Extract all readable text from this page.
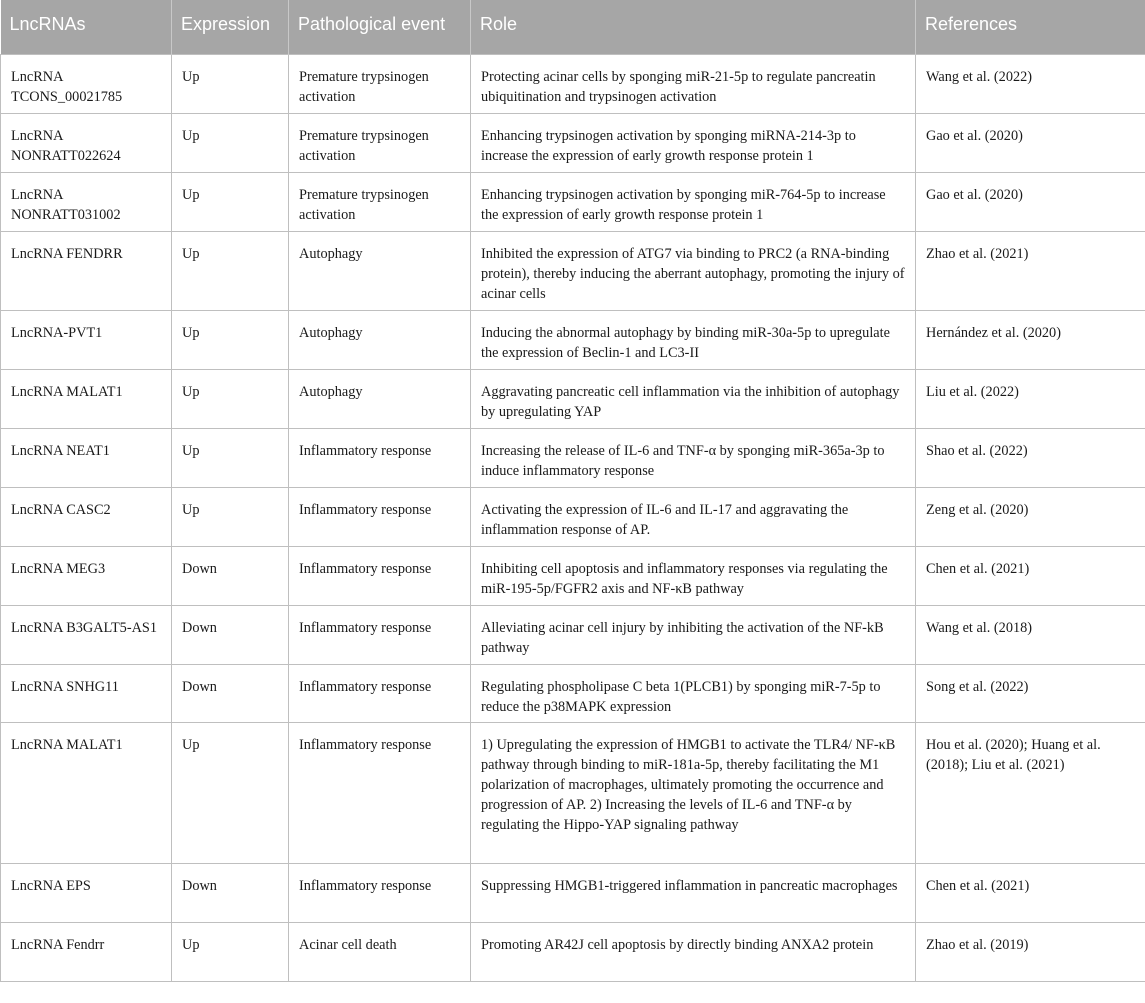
LncRNAs	Expression	Pathological event	Role	References
LncRNA TCONS_00021785	Up	Premature trypsinogen activation	Protecting acinar cells by sponging miR-21-5p to regulate pancreatin ubiquitination and trypsinogen activation	Wang et al. (2022)
LncRNA NONRATT022624	Up	Premature trypsinogen activation	Enhancing trypsinogen activation by sponging miRNA-214-3p to increase the expression of early growth response protein 1	Gao et al. (2020)
LncRNA NONRATT031002	Up	Premature trypsinogen activation	Enhancing trypsinogen activation by sponging miR-764-5p to increase the expression of early growth response protein 1	Gao et al. (2020)
LncRNA FENDRR	Up	Autophagy	Inhibited the expression of ATG7 via binding to PRC2 (a RNA-binding protein), thereby inducing the aberrant autophagy, promoting the injury of acinar cells	Zhao et al. (2021)
LncRNA-PVT1	Up	Autophagy	Inducing the abnormal autophagy by binding miR-30a-5p to upregulate the expression of Beclin-1 and LC3-II	Hernández et al. (2020)
LncRNA MALAT1	Up	Autophagy	Aggravating pancreatic cell inflammation via the inhibition of autophagy by upregulating YAP	Liu et al. (2022)
LncRNA NEAT1	Up	Inflammatory response	Increasing the release of IL-6 and TNF-α by sponging miR-365a-3p to induce inflammatory response	Shao et al. (2022)
LncRNA CASC2	Up	Inflammatory response	Activating the expression of IL-6 and IL-17 and aggravating the inflammation response of AP.	Zeng et al. (2020)
LncRNA MEG3	Down	Inflammatory response	Inhibiting cell apoptosis and inflammatory responses via regulating the miR-195-5p/FGFR2 axis and NF-κB pathway	Chen et al. (2021)
LncRNA B3GALT5-AS1	Down	Inflammatory response	Alleviating acinar cell injury by inhibiting the activation of the NF-kB pathway	Wang et al. (2018)
LncRNA SNHG11	Down	Inflammatory response	Regulating phospholipase C beta 1(PLCB1) by sponging miR-7-5p to reduce the p38MAPK expression	Song et al. (2022)
LncRNA MALAT1	Up	Inflammatory response	1) Upregulating the expression of HMGB1 to activate the TLR4/ NF-κB pathway through binding to miR-181a-5p, thereby facilitating the M1 polarization of macrophages, ultimately promoting the occurrence and progression of AP. 2) Increasing the levels of IL-6 and TNF-α by regulating the Hippo-YAP signaling pathway	Hou et al. (2020); Huang et al. (2018); Liu et al. (2021)
LncRNA EPS	Down	Inflammatory response	Suppressing HMGB1-triggered inflammation in pancreatic macrophages	Chen et al. (2021)
LncRNA Fendrr	Up	Acinar cell death	Promoting AR42J cell apoptosis by directly binding ANXA2 protein	Zhao et al. (2019)
